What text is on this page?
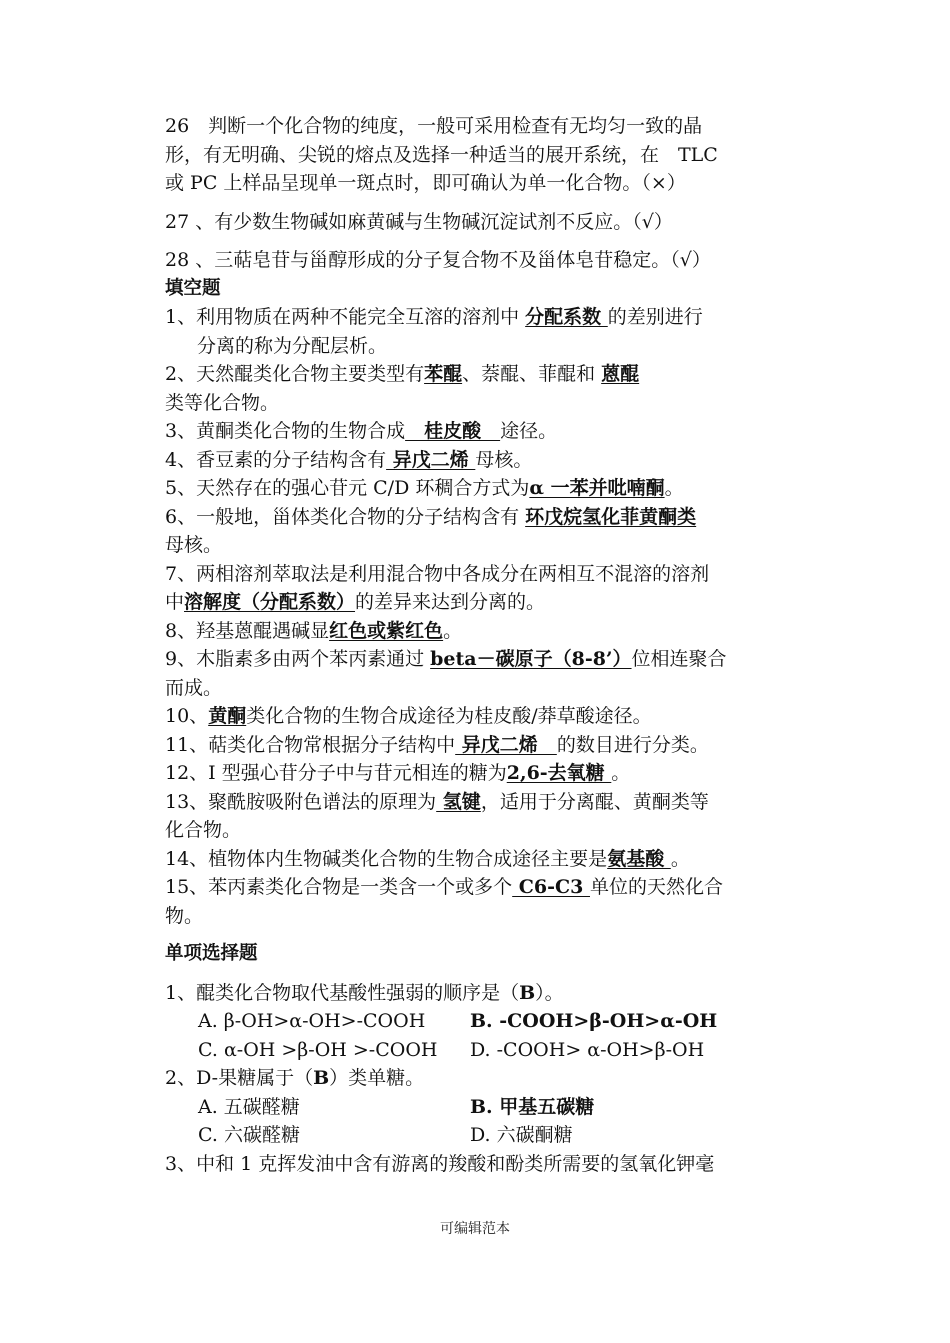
26　判断一个化合物的纯度，一般可采用检查有无均匀一致的晶
形，有无明确、尖锐的熔点及选择一种适当的展开系统，在　TLC
或 PC 上样品呈现单一斑点时，即可确认为单一化合物。（×）
27 、有少数生物碱如麻黄碱与生物碱沉淀试剂不反应。（√）
28 、三萜皂苷与甾醇形成的分子复合物不及甾体皂苷稳定。（√）
填空题
1、利用物质在两种不能完全互溶的溶剂中 分配系数 的差别进行
分离的称为分配层析。
2、天然醌类化合物主要类型有苯醌、萘醌、菲醌和 蒽醌
类等化合物。
3、黄酮类化合物的生物合成　桂皮酸　途径。
4、香豆素的分子结构含有 异戊二烯 母核。
5、天然存在的强心苷元 C/D 环稠合方式为α 一苯并吡喃酮。
6、一般地，甾体类化合物的分子结构含有 环戊烷氢化菲黄酮类
母核。
7、两相溶剂萃取法是利用混合物中各成分在两相互不混溶的溶剂
中溶解度（分配系数）的差异来达到分离的。
8、羟基蒽醌遇碱显红色或紫红色。
9、木脂素多由两个苯丙素通过 beta－碳原子（8-8’）位相连聚合
而成。
10、黄酮类化合物的生物合成途径为桂皮酸/莽草酸途径。
11、萜类化合物常根据分子结构中 异戊二烯　的数目进行分类。
12、I 型强心苷分子中与苷元相连的糖为2,6-去氧糖 。
13、聚酰胺吸附色谱法的原理为 氢键，适用于分离醌、黄酮类等
化合物。
14、植物体内生物碱类化合物的生物合成途径主要是氨基酸 。
15、苯丙素类化合物是一类含一个或多个 C6-C3 单位的天然化合
物。
单项选择题
1、醌类化合物取代基酸性强弱的顺序是（B）。
A. β-OH>α-OH>-COOH	B. -COOH>β-OH>α-OH
C. α-OH >β-OH >-COOH	D. -COOH> α-OH>β-OH
2、D-果糖属于（B）类单糖。
A. 五碳醛糖	B. 甲基五碳糖
C. 六碳醛糖	D. 六碳酮糖
3、中和 1 克挥发油中含有游离的羧酸和酚类所需要的氢氧化钾毫
可编辑范本
